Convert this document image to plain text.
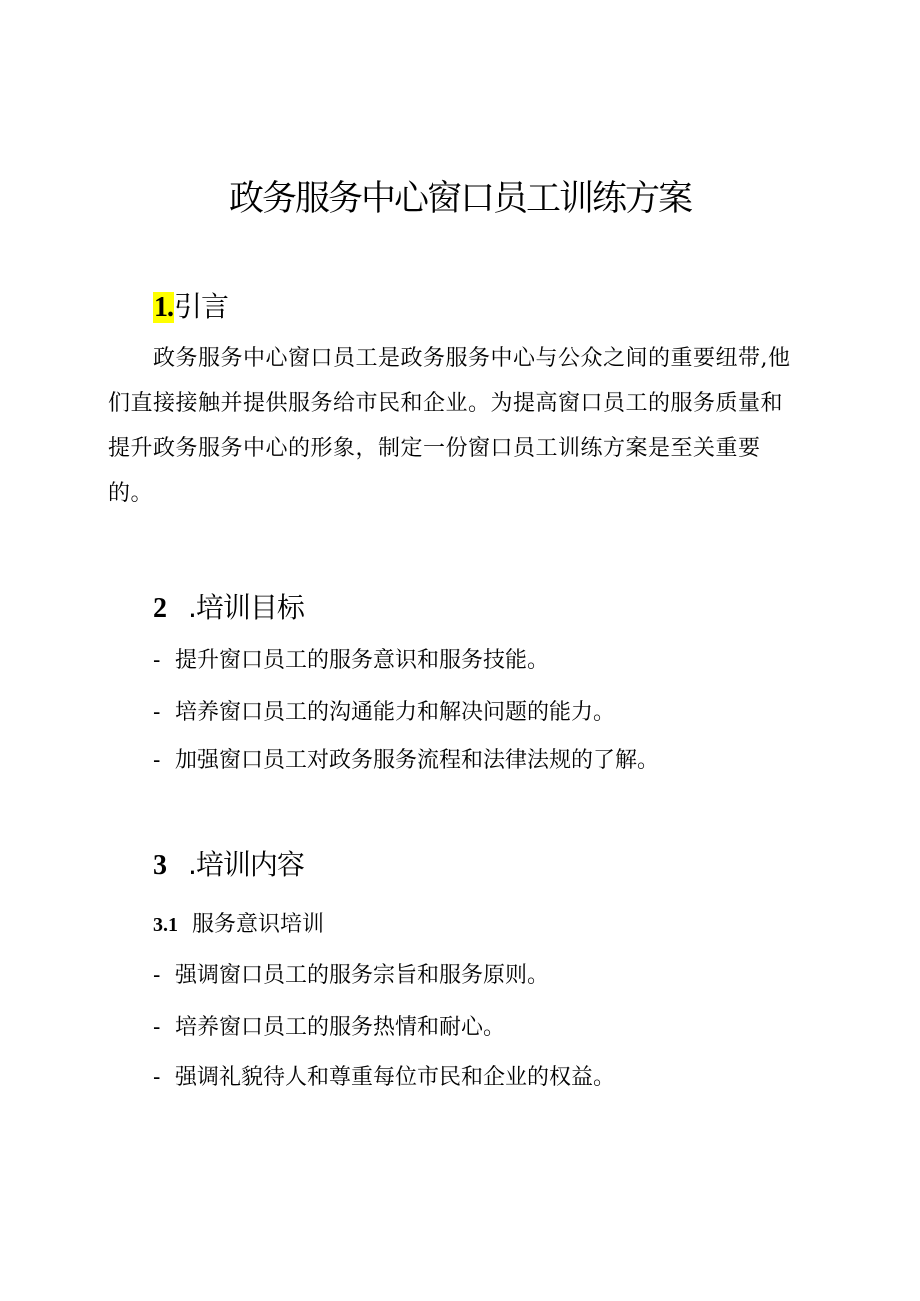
政务服务中心窗口员工训练方案
1.引言
政务服务中心窗口员工是政务服务中心与公众之间的重要纽带,他
们直接接触并提供服务给市民和企业。为提高窗口员工的服务质量和
提升政务服务中心的形象，制定一份窗口员工训练方案是至关重要
的。
2 .培训目标
- 提升窗口员工的服务意识和服务技能。
- 培养窗口员工的沟通能力和解决问题的能力。
- 加强窗口员工对政务服务流程和法律法规的了解。
3 .培训内容
3.1 服务意识培训
- 强调窗口员工的服务宗旨和服务原则。
- 培养窗口员工的服务热情和耐心。
- 强调礼貌待人和尊重每位市民和企业的权益。
